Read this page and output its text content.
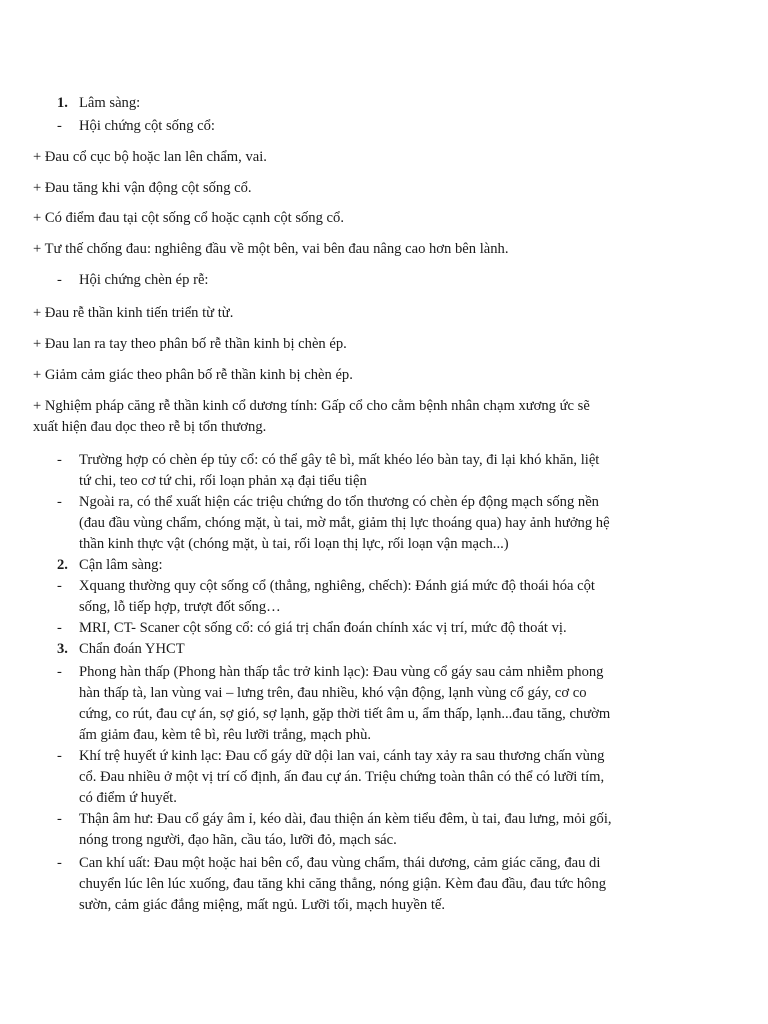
1. Lâm sàng:
- Hội chứng cột sống cổ:
+ Đau cổ cục bộ hoặc lan lên chẩm, vai.
+ Đau tăng khi vận động cột sống cổ.
+ Có điểm đau tại cột sống cổ hoặc cạnh cột sống cổ.
+ Tư thế chống đau: nghiêng đầu về một bên, vai bên đau nâng cao hơn bên lành.
- Hội chứng chèn ép rễ:
+ Đau rễ thần kinh tiến triển từ từ.
+ Đau lan ra tay theo phân bố rễ thần kinh bị chèn ép.
+ Giảm cảm giác theo phân bố rễ thần kinh bị chèn ép.
+ Nghiệm pháp căng rễ thần kinh cổ dương tính: Gấp cổ cho cằm bệnh nhân chạm xương ức sẽ
xuất hiện đau dọc theo rễ bị tổn thương.
- Trường hợp có chèn ép tủy cổ: có thể gây tê bì, mất khéo léo bàn tay, đi lại khó khăn, liệt
tứ chi, teo cơ tứ chi, rối loạn phản xạ đại tiểu tiện
- Ngoài ra, có thể xuất hiện các triệu chứng do tổn thương có chèn ép động mạch sống nền
(đau đầu vùng chẩm, chóng mặt, ù tai, mờ mắt, giảm thị lực thoáng qua) hay ảnh hưởng hệ
thần kinh thực vật (chóng mặt, ù tai, rối loạn thị lực, rối loạn vận mạch...)
2. Cận lâm sàng:
- Xquang thường quy cột sống cổ (thẳng, nghiêng, chếch): Đánh giá mức độ thoái hóa cột
sống, lỗ tiếp hợp, trượt đốt sống…
- MRI, CT- Scaner cột sống cổ: có giá trị chẩn đoán chính xác vị trí, mức độ thoát vị.
3. Chẩn đoán YHCT
- Phong hàn thấp (Phong hàn thấp tắc trở kinh lạc): Đau vùng cổ gáy sau cảm nhiễm phong
hàn thấp tà, lan vùng vai – lưng trên, đau nhiều, khó vận động, lạnh vùng cổ gáy, cơ co
cứng, co rút, đau cự án, sợ gió, sợ lạnh, gặp thời tiết âm u, ẩm thấp, lạnh...đau tăng, chườm
ấm giảm đau, kèm tê bì, rêu lưỡi trắng, mạch phù.
- Khí trệ huyết ứ kinh lạc: Đau cổ gáy dữ dội lan vai, cánh tay xảy ra sau thương chấn vùng
cổ. Đau nhiều ở một vị trí cố định, ấn đau cự án. Triệu chứng toàn thân có thể có lưỡi tím,
có điểm ứ huyết.
- Thận âm hư: Đau cổ gáy âm ỉ, kéo dài, đau thiện án kèm tiểu đêm, ù tai, đau lưng, mỏi gối,
nóng trong người, đạo hãn, cầu táo, lưỡi đỏ, mạch sác.
- Can khí uất: Đau một hoặc hai bên cổ, đau vùng chẩm, thái dương, cảm giác căng, đau di
chuyển lúc lên lúc xuống, đau tăng khi căng thẳng, nóng giận. Kèm đau đầu, đau tức hông
sườn, cảm giác đắng miệng, mất ngủ. Lưỡi tối, mạch huyền tế.
